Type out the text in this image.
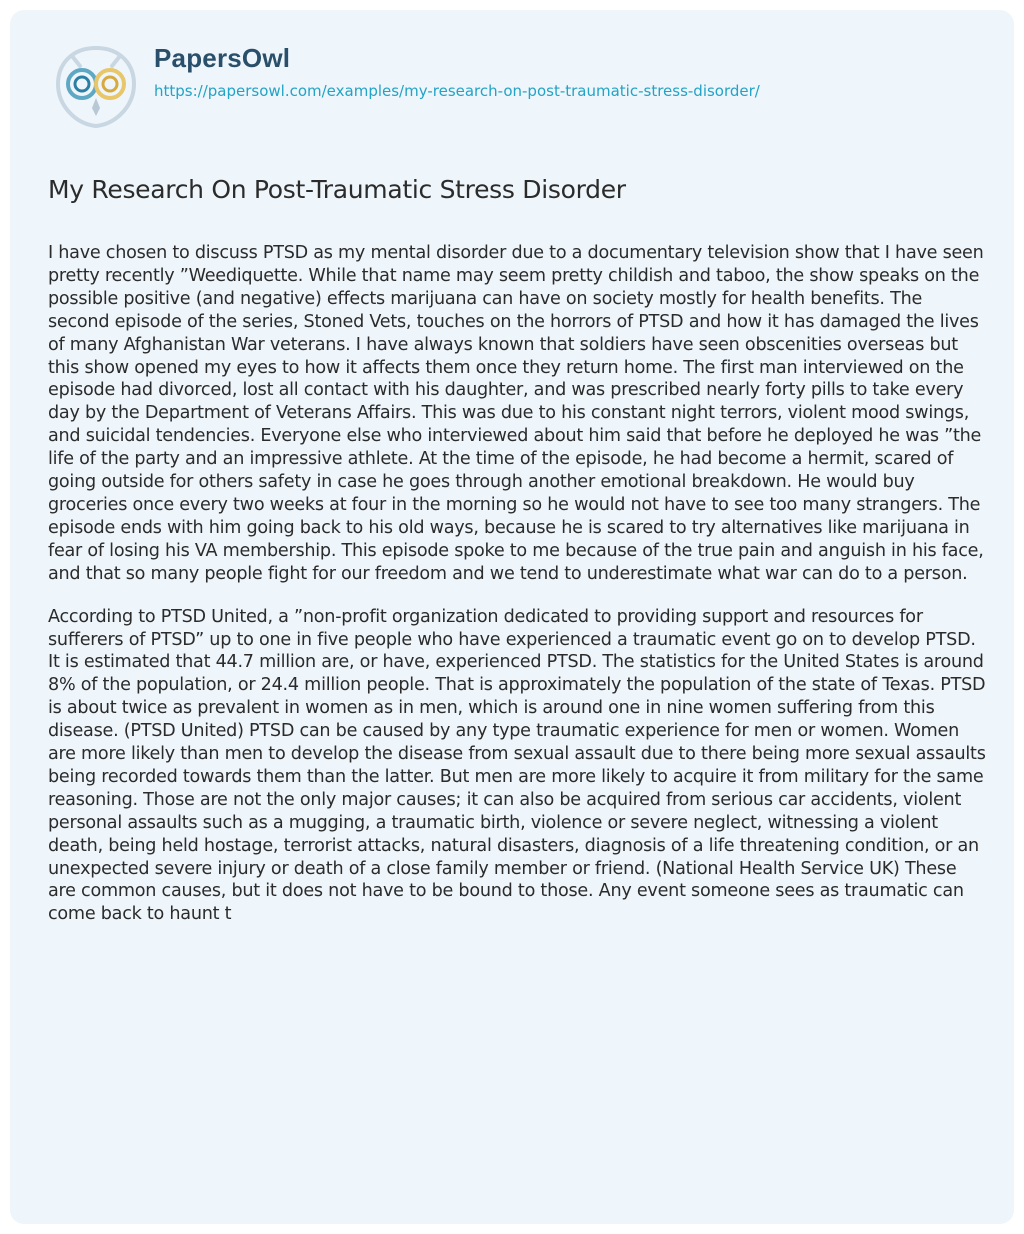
PapersOwl
https://papersowl.com/examples/my-research-on-post-traumatic-stress-disorder/
My Research On Post-Traumatic Stress Disorder

I have chosen to discuss PTSD as my mental disorder due to a documentary television show that I have seen pretty recently ”Weediquette. While that name may seem pretty childish and taboo, the show speaks on the possible positive (and negative) effects marijuana can have on society mostly for health benefits. The second episode of the series, Stoned Vets, touches on the horrors of PTSD and how it has damaged the lives of many Afghanistan War veterans. I have always known that soldiers have seen obscenities overseas but this show opened my eyes to how it affects them once they return home. The first man interviewed on the episode had divorced, lost all contact with his daughter, and was prescribed nearly forty pills to take every day by the Department of Veterans Affairs. This was due to his constant night terrors, violent mood swings, and suicidal tendencies. Everyone else who interviewed about him said that before he deployed he was ”the life of the party and an impressive athlete. At the time of the episode, he had become a hermit, scared of going outside for others safety in case he goes through another emotional breakdown. He would buy groceries once every two weeks at four in the morning so he would not have to see too many strangers. The episode ends with him going back to his old ways, because he is scared to try alternatives like marijuana in fear of losing his VA membership. This episode spoke to me because of the true pain and anguish in his face, and that so many people fight for our freedom and we tend to underestimate what war can do to a person.

According to PTSD United, a ”non-profit organization dedicated to providing support and resources for sufferers of PTSD” up to one in five people who have experienced a traumatic event go on to develop PTSD. It is estimated that 44.7 million are, or have, experienced PTSD. The statistics for the United States is around 8% of the population, or 24.4 million people. That is approximately the population of the state of Texas. PTSD is about twice as prevalent in women as in men, which is around one in nine women suffering from this disease. (PTSD United) PTSD can be caused by any type traumatic experience for men or women. Women are more likely than men to develop the disease from sexual assault due to there being more sexual assaults being recorded towards them than the latter. But men are more likely to acquire it from military for the same reasoning. Those are not the only major causes; it can also be acquired from serious car accidents, violent personal assaults such as a mugging, a traumatic birth, violence or severe neglect, witnessing a violent death, being held hostage, terrorist attacks, natural disasters, diagnosis of a life threatening condition, or an unexpected severe injury or death of a close family member or friend. (National Health Service UK) These are common causes, but it does not have to be bound to those. Any event someone sees as traumatic can come back to haunt t
